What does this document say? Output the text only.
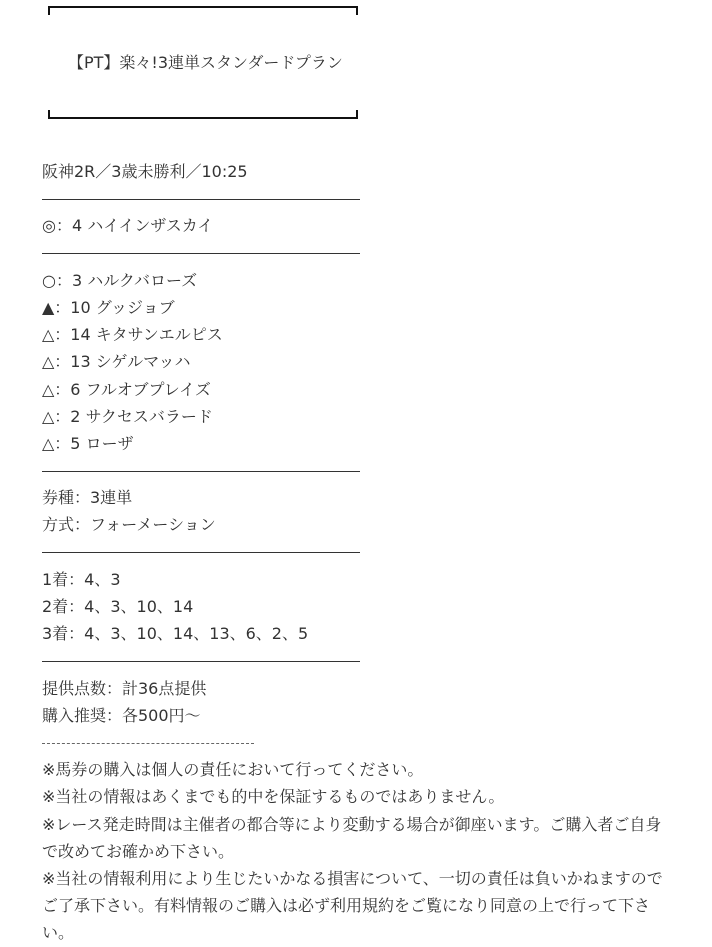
【PT】楽々!3連単スタンダードプラン
阪神2R／3歳未勝利／10:25
◎：4 ハイインザスカイ
○：3 ハルクバローズ
▲：10 グッジョブ
△：14 キタサンエルピス
△：13 シゲルマッハ
△：6 フルオブプレイズ
△：2 サクセスバラード
△：5 ローザ
券種：3連単
方式：フォーメーション
1着：4、3
2着：4、3、10、14
3着：4、3、10、14、13、6、2、5
提供点数：計36点提供
購入推奨：各500円〜
※馬券の購入は個人の責任において行ってください。
※当社の情報はあくまでも的中を保証するものではありません。
※レース発走時間は主催者の都合等により変動する場合が御座います。ご購入者ご自身で改めてお確かめ下さい。
※当社の情報利用により生じたいかなる損害について、一切の責任は負いかねますのでご了承下さい。有料情報のご購入は必ず利用規約をご覧になり同意の上で行って下さい。
